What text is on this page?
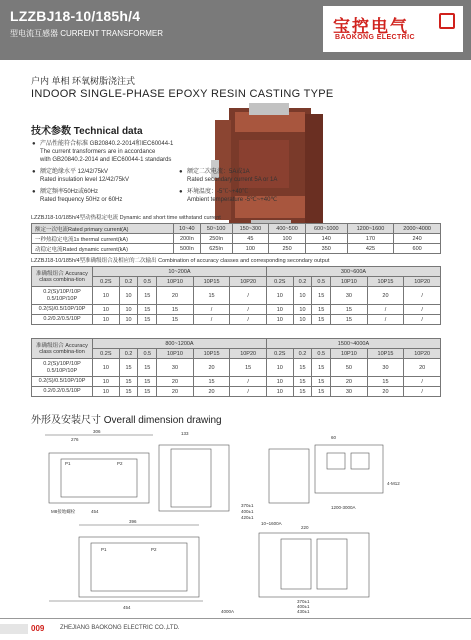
LZZBJ18-10/185h/4
型电流互感器 CURRENT TRANSFORMER	宝控电气
BAOKONG ELECTRIC
户内 单相 环氧树脂浇注式
INDOOR SINGLE-PHASE EPOXY RESIN CASTING TYPE
技术参数 Technical data
● 产品性能符合标准 GB20840.2-2014和IEC60044-1
The current transformers are in accordance
with GB20840.2-2014 and IEC60044-1 standards
● 额定绝缘水平 12/42/75kV
Rated insulation level 12/42/75kV
● 额定频率50Hz或60Hz
Rated frequency 50Hz or 60Hz
● 额定二次电流：5A或1A
Rated secondary current 5A or 1A
● 环境温度：-5℃~+40℃
Ambient temperature -5℃~+40℃
LZZBJ18-10/185h/4型动热稳定电流 Dynamic and short time withstand current
额定一次电流Rated primary current(A)	10~40	50~100	150~300	400~500	600~1000	1200~1600	2000~4000
一秒热稳定电流1s thermal current(kA)	200In	250In	45	100	140	170	240
动稳定电流Rated dynamic current(kA)	500In	625In	100	250	350	425	600
LZZBJ18-10/185h/4型准确级组合及相应的二次输出 Combination of accuracy classes and corresponding secondary output
准确级组合 Accuracy class combina-tion	10~200A						300~600A					
	0.2S	0.2	0.5	10P10	10P15	10P20	0.2S	0.2	0.5	10P10	10P15	10P20

0.2(S)/10P/10P
0.5/10P/10P	10	10	15	20	15	/	10	10	15	30	20	/

0.2(S)/0.5/10P/10P	10	10	15	15	/	/	10	10	15	15	/	/

0.2/0.2/0.5/10P	10	10	15	15	/	/	10	10	15	15	/	/
准确级组合 Accuracy class combina-tion	800~1200A						1500~4000A					
	0.2S	0.2	0.5	10P10	10P15	10P20	0.2S	0.2	0.5	10P10	10P15	10P20

0.2(S)/10P/10P
0.5/10P/10P	10	15	15	30	20	15	10	15	15	50	30	20

0.2(S)/0.5/10P/10P	10	15	15	20	15	/	10	15	15	20	15	/

0.2/0.2/0.5/10P	10	15	15	20	20	/	10	15	15	30	20	/
外形及安装尺寸 Overall dimension drawing
306
276
P1	P2
M8接地螺栓	454
133
370±1
400±1
420±1
10~1600A
60
1200-3000A
4-M12
396
P1	P2
454
4000A
220
370±1
400±1
430±1
009	ZHEJIANG BAOKONG ELECTRIC CO.,LTD.
